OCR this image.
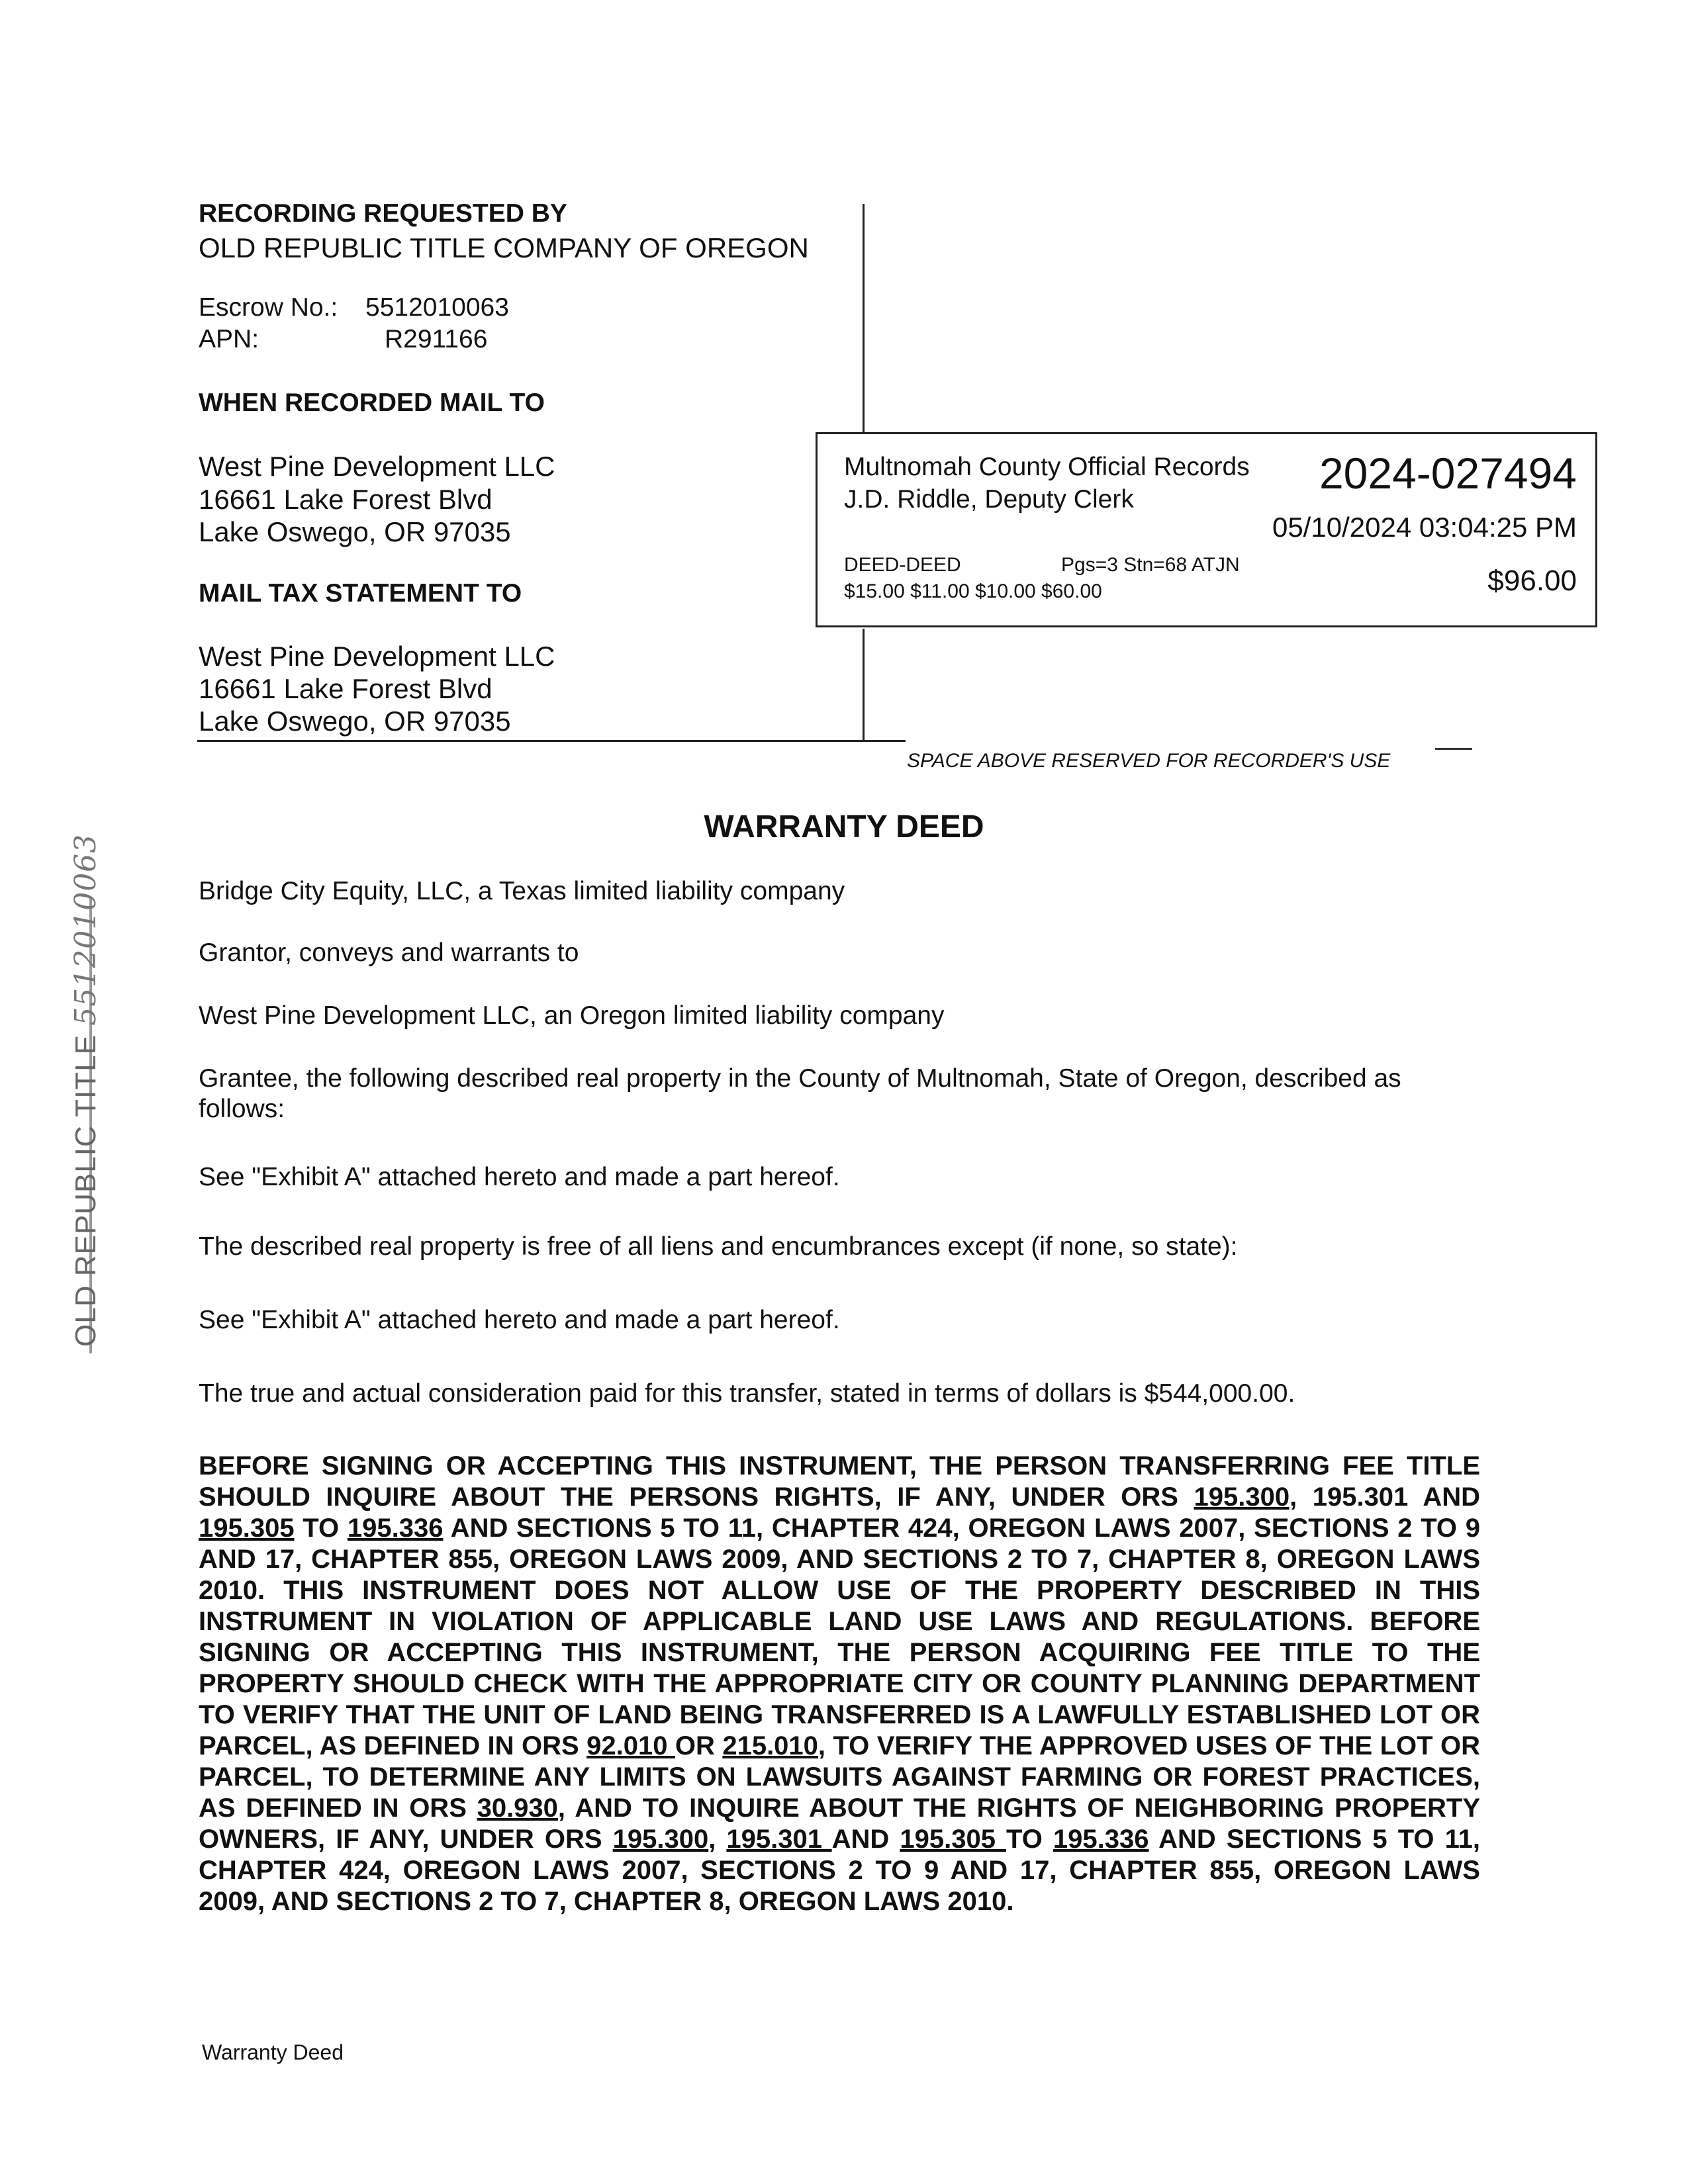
RECORDING REQUESTED BY
OLD REPUBLIC TITLE COMPANY OF OREGON
Escrow No.: 5512010063
APN:	R291166
WHEN RECORDED MAIL TO
West Pine Development LLC
16661 Lake Forest Blvd
Lake Oswego, OR 97035
MAIL TAX STATEMENT TO
West Pine Development LLC
16661 Lake Forest Blvd
Lake Oswego, OR 97035
Multnomah County Official Records
J.D. Riddle, Deputy Clerk
2024-027494
05/10/2024 03:04:25 PM
DEED-DEED	Pgs=3 Stn=68 ATJN
$15.00 $11.00 $10.00 $60.00	$96.00
SPACE ABOVE RESERVED FOR RECORDER'S USE
WARRANTY DEED
Bridge City Equity, LLC, a Texas limited liability company
Grantor, conveys and warrants to
West Pine Development LLC, an Oregon limited liability company
Grantee, the following described real property in the County of Multnomah, State of Oregon, described as follows:
See "Exhibit A" attached hereto and made a part hereof.
The described real property is free of all liens and encumbrances except (if none, so state):
See "Exhibit A" attached hereto and made a part hereof.
The true and actual consideration paid for this transfer, stated in terms of dollars is $544,000.00.
BEFORE SIGNING OR ACCEPTING THIS INSTRUMENT, THE PERSON TRANSFERRING FEE TITLE SHOULD INQUIRE ABOUT THE PERSONS RIGHTS, IF ANY, UNDER ORS 195.300, 195.301 AND 195.305 TO 195.336 AND SECTIONS 5 TO 11, CHAPTER 424, OREGON LAWS 2007, SECTIONS 2 TO 9 AND 17, CHAPTER 855, OREGON LAWS 2009, AND SECTIONS 2 TO 7, CHAPTER 8, OREGON LAWS 2010. THIS INSTRUMENT DOES NOT ALLOW USE OF THE PROPERTY DESCRIBED IN THIS INSTRUMENT IN VIOLATION OF APPLICABLE LAND USE LAWS AND REGULATIONS. BEFORE SIGNING OR ACCEPTING THIS INSTRUMENT, THE PERSON ACQUIRING FEE TITLE TO THE PROPERTY SHOULD CHECK WITH THE APPROPRIATE CITY OR COUNTY PLANNING DEPARTMENT TO VERIFY THAT THE UNIT OF LAND BEING TRANSFERRED IS A LAWFULLY ESTABLISHED LOT OR PARCEL, AS DEFINED IN ORS 92.010 OR 215.010, TO VERIFY THE APPROVED USES OF THE LOT OR PARCEL, TO DETERMINE ANY LIMITS ON LAWSUITS AGAINST FARMING OR FOREST PRACTICES, AS DEFINED IN ORS 30.930, AND TO INQUIRE ABOUT THE RIGHTS OF NEIGHBORING PROPERTY OWNERS, IF ANY, UNDER ORS 195.300, 195.301 AND 195.305 TO 195.336 AND SECTIONS 5 TO 11, CHAPTER 424, OREGON LAWS 2007, SECTIONS 2 TO 9 AND 17, CHAPTER 855, OREGON LAWS 2009, AND SECTIONS 2 TO 7, CHAPTER 8, OREGON LAWS 2010.
Warranty Deed
OLD REPUBLIC TITLE 5512010063
